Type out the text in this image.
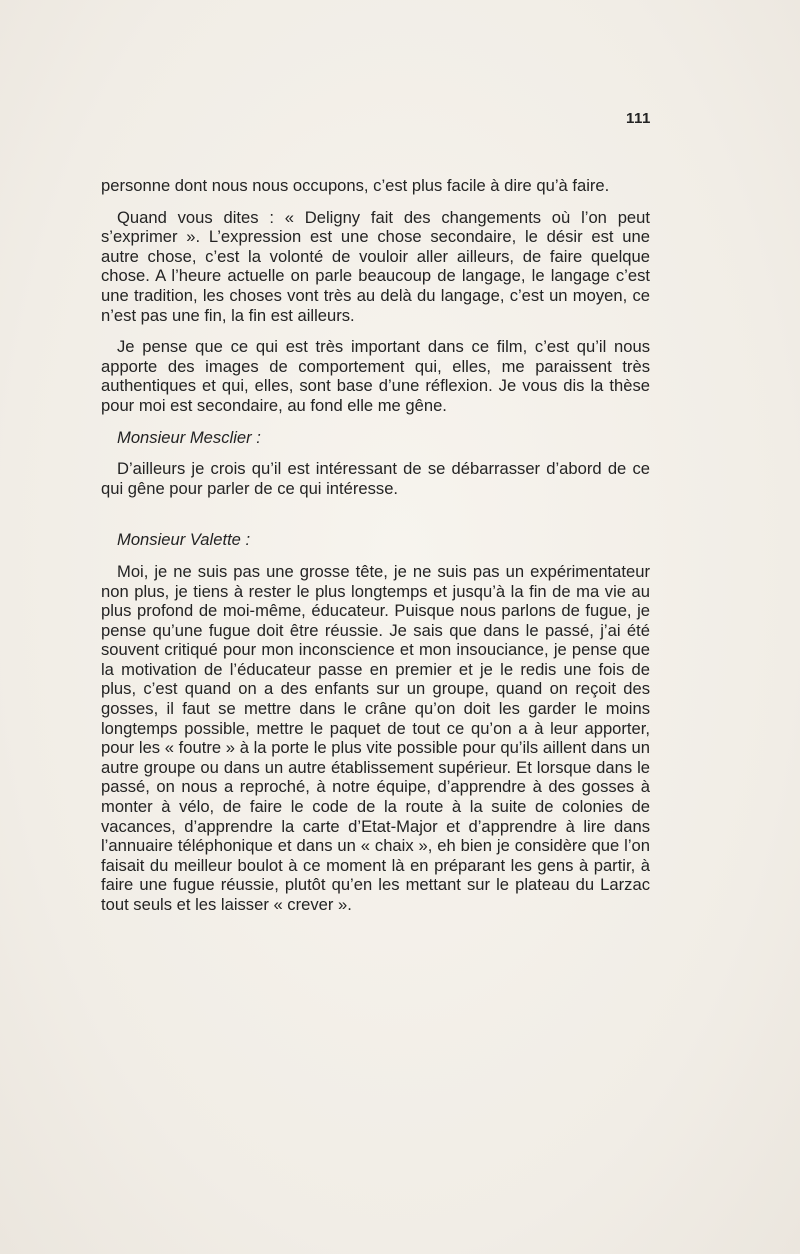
111

personne dont nous nous occupons, c’est plus facile à dire qu’à faire.

Quand vous dites : « Deligny fait des changements où l’on peut s’exprimer ». L’expression est une chose secondaire, le désir est une autre chose, c’est la volonté de vouloir aller ailleurs, de faire quelque chose. A l’heure actuelle on parle beaucoup de langage, le langage c’est une tradition, les choses vont très au delà du langage, c’est un moyen, ce n’est pas une fin, la fin est ailleurs.

Je pense que ce qui est très important dans ce film, c’est qu’il nous apporte des images de comportement qui, elles, me paraissent très authentiques et qui, elles, sont base d’une réflexion. Je vous dis la thèse pour moi est secondaire, au fond elle me gêne.

Monsieur Mesclier :

D’ailleurs je crois qu’il est intéressant de se débarrasser d’abord de ce qui gêne pour parler de ce qui intéresse.

Monsieur Valette :

Moi, je ne suis pas une grosse tête, je ne suis pas un expérimentateur non plus, je tiens à rester le plus longtemps et jusqu’à la fin de ma vie au plus profond de moi-même, éducateur. Puisque nous parlons de fugue, je pense qu’une fugue doit être réussie. Je sais que dans le passé, j’ai été souvent critiqué pour mon inconscience et mon insouciance, je pense que la motivation de l’éducateur passe en premier et je le redis une fois de plus, c’est quand on a des enfants sur un groupe, quand on reçoit des gosses, il faut se mettre dans le crâne qu’on doit les garder le moins longtemps possible, mettre le paquet de tout ce qu’on a à leur apporter, pour les « foutre » à la porte le plus vite possible pour qu’ils aillent dans un autre groupe ou dans un autre établissement supérieur. Et lorsque dans le passé, on nous a reproché, à notre équipe, d’apprendre à des gosses à monter à vélo, de faire le code de la route à la suite de colonies de vacances, d’apprendre la carte d’Etat-Major et d’apprendre à lire dans l’annuaire téléphonique et dans un « chaix », eh bien je considère que l’on faisait du meilleur boulot à ce moment là en préparant les gens à partir, à faire une fugue réussie, plutôt qu’en les mettant sur le plateau du Larzac tout seuls et les laisser « crever ».
